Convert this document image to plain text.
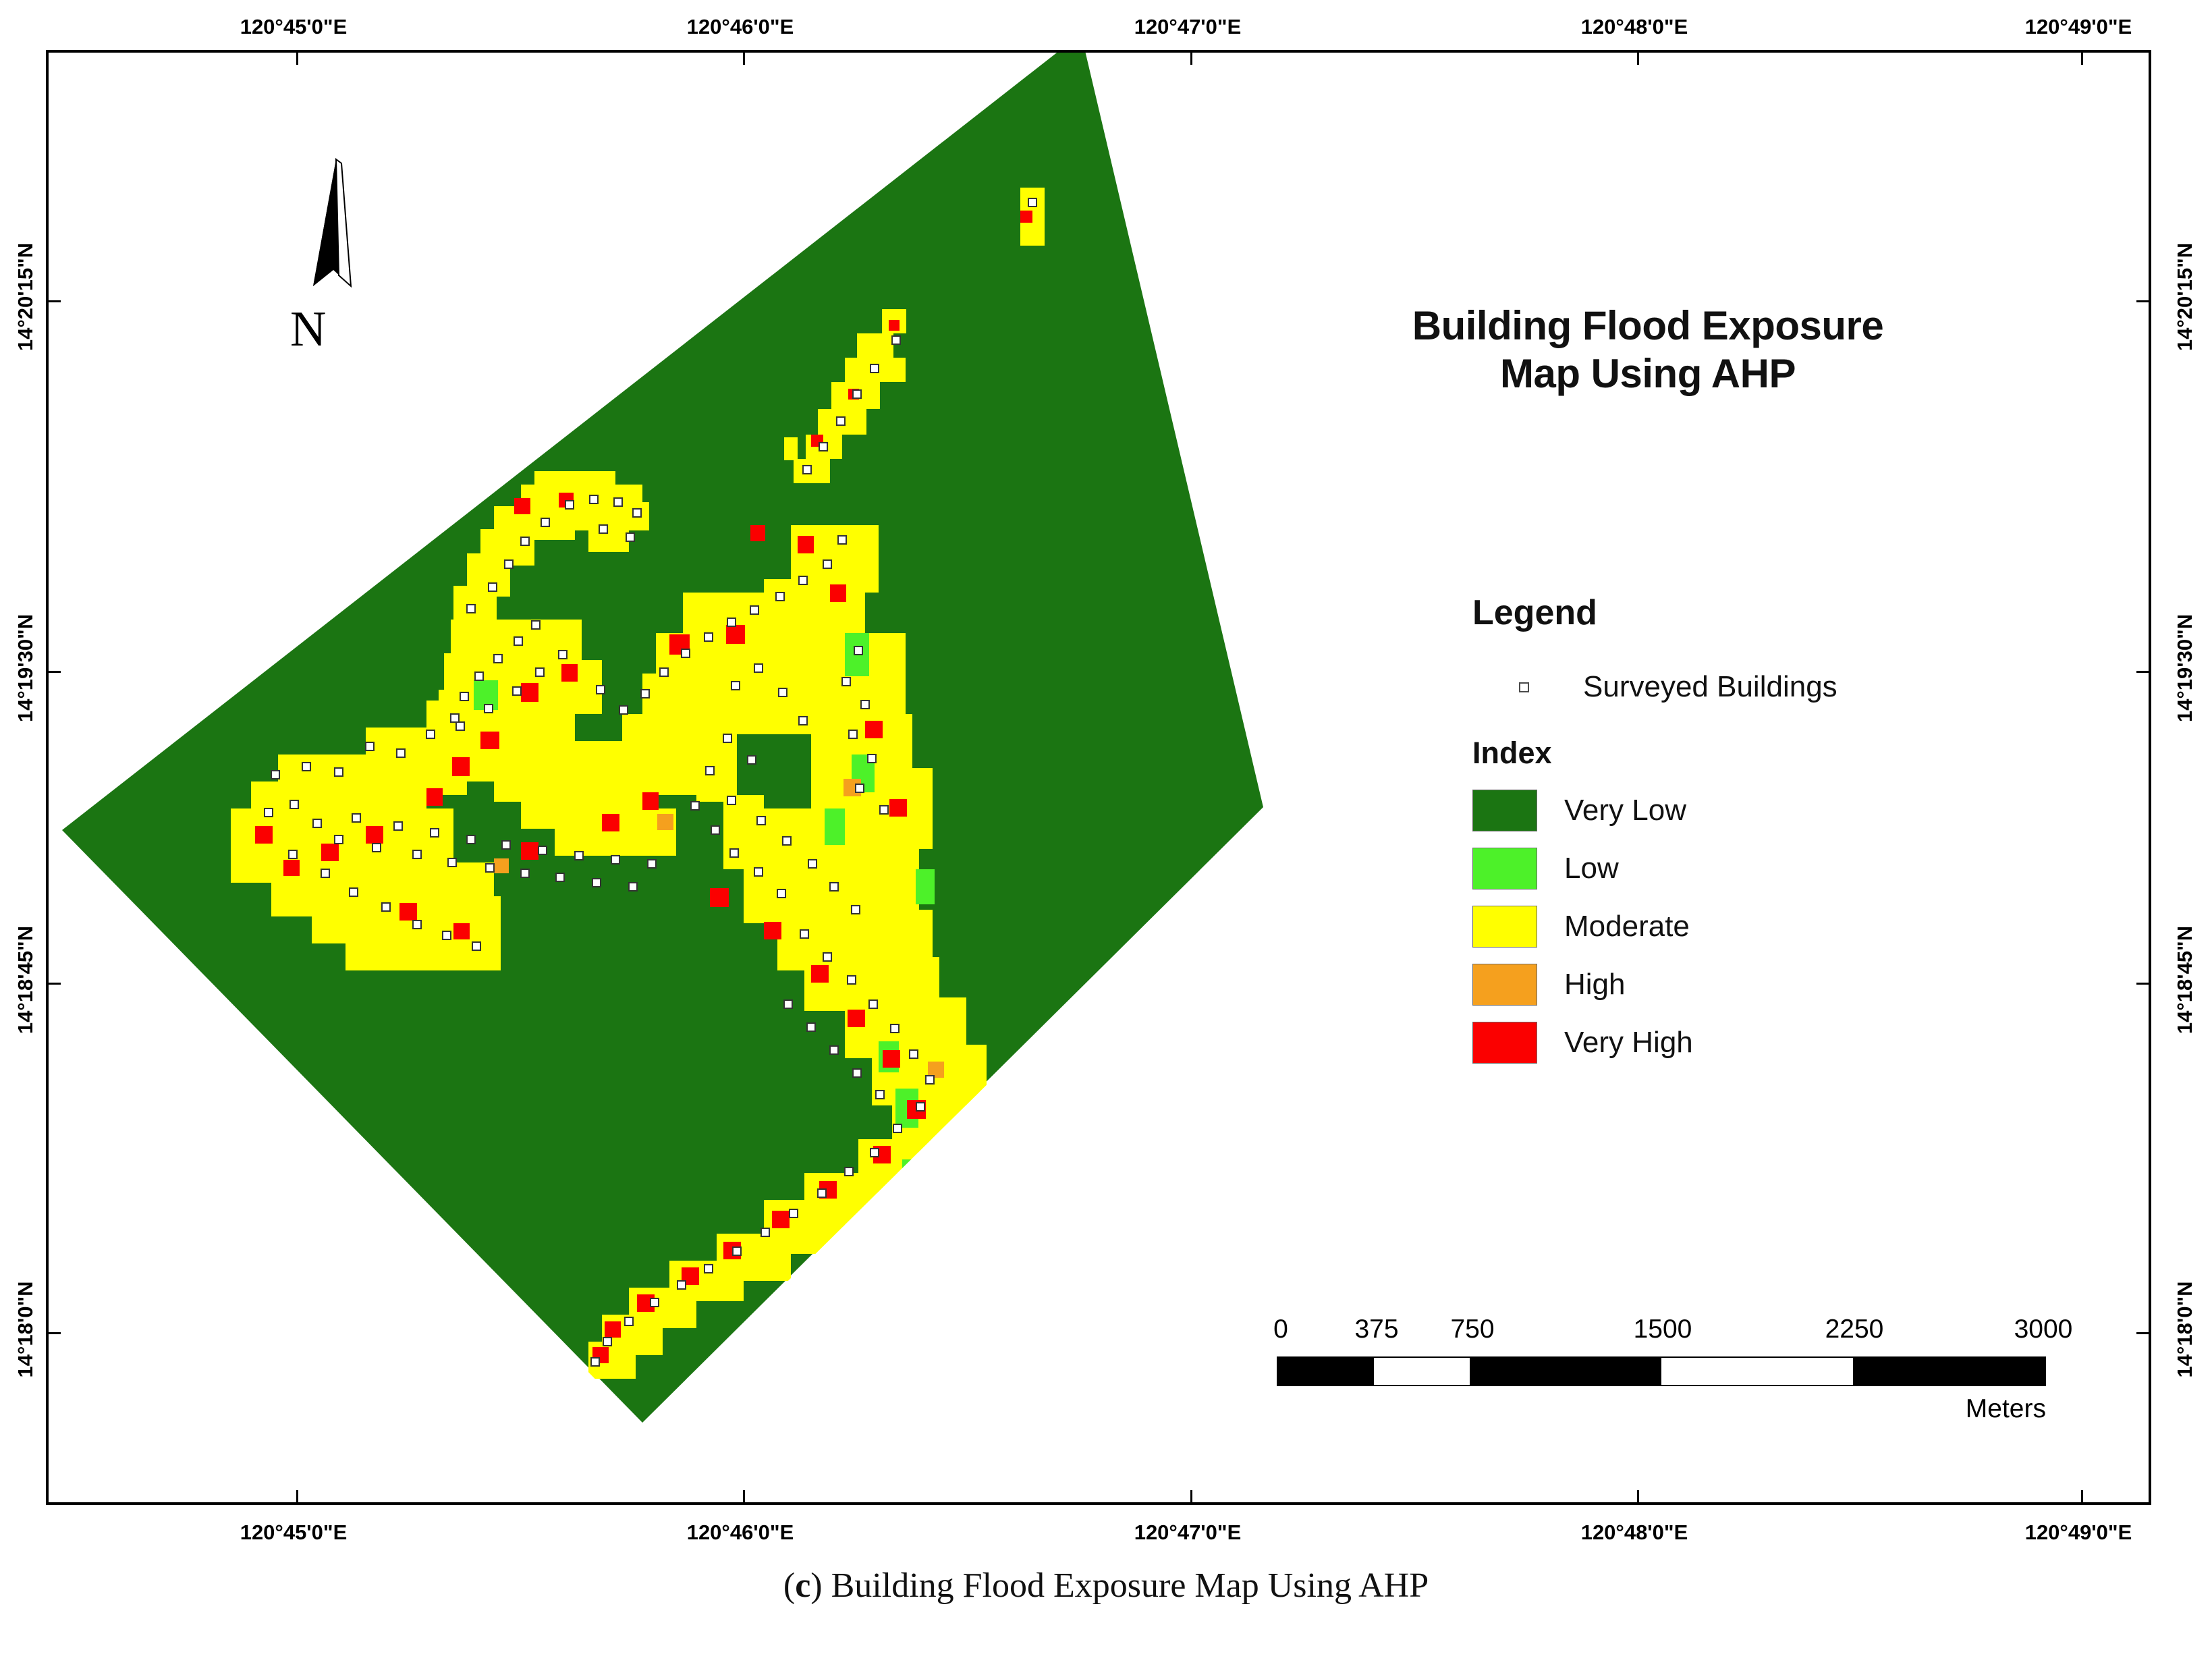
120°45'0"E	120°46'0"E	120°47'0"E	120°48'0"E	120°49'0"E
120°45'0"E	120°46'0"E	120°47'0"E	120°48'0"E	120°49'0"E
14°20'15"N
14°19'30"N
14°18'45"N
14°18'0"N
14°20'15"N
14°19'30"N
14°18'45"N
14°18'0"N
N	Building Flood Exposure
Map Using AHP
Legend
Surveyed Buildings
Index
Very Low
Low
Moderate
High
Very High
0	375 750	1500	2250	3000
Meters
(c) Building Flood Exposure Map Using AHP
